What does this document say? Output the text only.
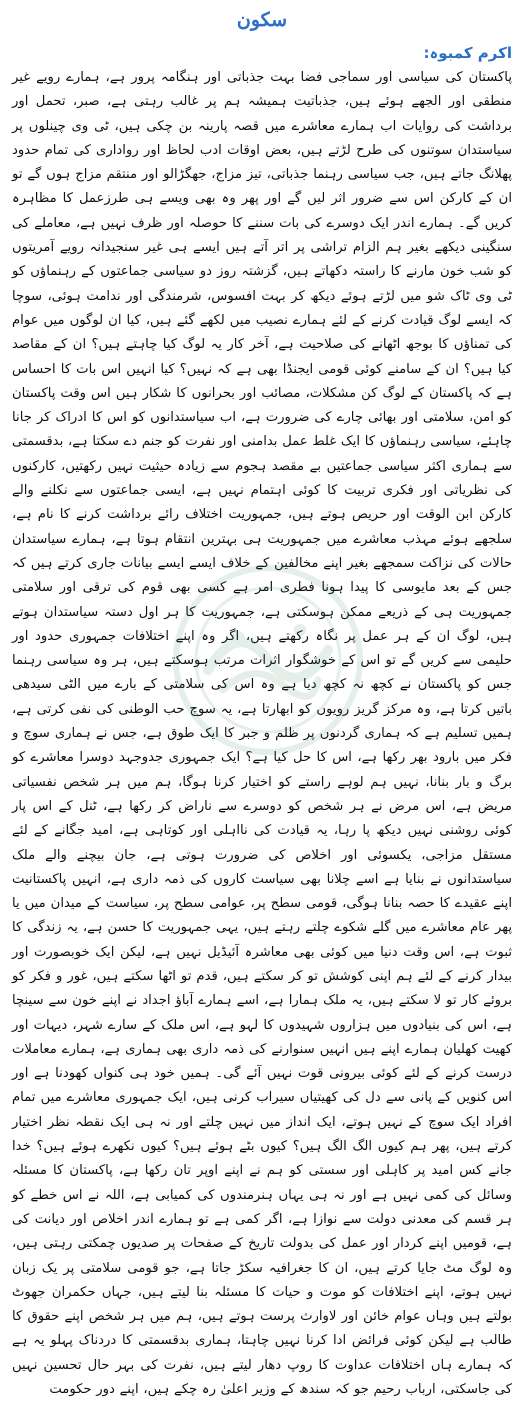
سکون
اکرم کمبوہ:

پاکستان کی سیاسی اور سماجی فضا بہت جذباتی اور ہنگامہ پرور ہے، ہمارے رویے غیر منطقی اور الجھے ہوئے ہیں، جذباتیت ہمیشہ ہم پر غالب رہتی ہے، صبر، تحمل اور برداشت کی روایات اب ہمارے معاشرے میں قصہ پارینہ بن چکی ہیں، ٹی وی چینلوں پر سیاستدان سوتنوں کی طرح لڑتے ہیں، بعض اوقات ادب لحاظ اور رواداری کی تمام حدود پھلانگ جاتے ہیں، جب سیاسی رہنما جذباتی، تیز مزاج، جھگڑالو اور منتقم مزاج ہوں گے تو ان کے کارکن اس سے ضرور اثر لیں گے اور پھر وہ بھی ویسے ہی طرزعمل کا مظاہرہ کریں گے۔ ہمارے اندر ایک دوسرے کی بات سننے کا حوصلہ اور ظرف نہیں ہے، معاملے کی سنگینی دیکھے بغیر ہم الزام تراشی پر اتر آتے ہیں ایسے ہی غیر سنجیدانہ رویے آمریتوں کو شب خون مارنے کا راستہ دکھاتے ہیں، گزشتہ روز دو سیاسی جماعتوں کے رہنماؤں کو ٹی وی ٹاک شو میں لڑتے ہوئے دیکھ کر بہت افسوس، شرمندگی اور ندامت ہوئی، سوچا کہ ایسے لوگ قیادت کرنے کے لئے ہمارے نصیب میں لکھے گئے ہیں، کیا ان لوگوں میں عوام کی تمناؤں کا بوجھ اٹھانے کی صلاحیت ہے، آخر کار یہ لوگ کیا چاہتے ہیں؟ ان کے مقاصد کیا ہیں؟ ان کے سامنے کوئی قومی ایجنڈا بھی ہے کہ نہیں؟ کیا انہیں اس بات کا احساس ہے کہ پاکستان کے لوگ کن مشکلات، مصائب اور بحرانوں کا شکار ہیں اس وقت پاکستان کو امن، سلامتی اور بھائی چارے کی ضرورت ہے، اب سیاستدانوں کو اس کا ادراک کر جانا چاہئے، سیاسی رہنماؤں کا ایک غلط عمل بدامنی اور نفرت کو جنم دے سکتا ہے، بدقسمتی سے ہماری اکثر سیاسی جماعتیں بے مقصد ہجوم سے زیادہ حیثیت نہیں رکھتیں، کارکنوں کی نظریاتی اور فکری تربیت کا کوئی اہتمام نہیں ہے، ایسی جماعتوں سے نکلنے والے کارکن ابن الوقت اور حریص ہوتے ہیں، جمہوریت اختلاف رائے برداشت کرنے کا نام ہے، سلجھے ہوئے مہذب معاشرے میں جمہوریت ہی بہترین انتقام ہوتا ہے، ہمارے سیاستدان حالات کی نزاکت سمجھے بغیر اپنے مخالفین کے خلاف ایسے ایسے بیانات جاری کرتے ہیں کہ جس کے بعد مایوسی کا پیدا ہونا فطری امر ہے کسی بھی قوم کی ترقی اور سلامتی جمہوریت ہی کے ذریعے ممکن ہوسکتی ہے، جمہوریت کا ہر اول دستہ سیاستدان ہوتے ہیں، لوگ ان کے ہر عمل پر نگاہ رکھتے ہیں، اگر وہ اپنے اختلافات جمہوری حدود اور حلیمی سے کریں گے تو اس کے خوشگوار اثرات مرتب ہوسکتے ہیں، ہر وہ سیاسی رہنما جس کو پاکستان نے کچھ نہ کچھ دیا ہے وہ اس کی سلامتی کے بارے میں الٹی سیدھی باتیں کرتا ہے، وہ مرکز گریز رویوں کو ابھارتا ہے، یہ سوچ حب الوطنی کی نفی کرتی ہے، ہمیں تسلیم ہے کہ ہماری گردنوں پر ظلم و جبر کا ایک طوق ہے، جس نے ہماری سوچ و فکر میں بارود بھر رکھا ہے، اس کا حل کیا ہے؟ ایک جمہوری جدوجہد دوسرا معاشرے کو برگ و بار بنانا، نہیں ہم لوہے راستے کو اختیار کرنا ہوگا، ہم میں ہر شخص نفسیاتی مریض ہے، اس مرض نے ہر شخص کو دوسرے سے ناراض کر رکھا ہے، ٹنل کے اس پار کوئی روشنی نہیں دیکھ پا رہا، یہ قیادت کی نااہلی اور کوتاہی ہے، امید جگانے کے لئے مستقل مزاجی، یکسوئی اور اخلاص کی ضرورت ہوتی ہے، جان بیچنے والے ملک سیاستدانوں نے بنایا ہے اسے چلانا بھی سیاست کاروں کی ذمہ داری ہے، انہیں پاکستانیت اپنے عقیدے کا حصہ بنانا ہوگی، قومی سطح پر، عوامی سطح پر، سیاست کے میدان میں یا پھر عام معاشرے میں گلے شکوے چلتے رہتے ہیں، یہی جمہوریت کا حسن ہے، یہ زندگی کا ثبوت ہے، اس وقت دنیا میں کوئی بھی معاشرہ آئیڈیل نہیں ہے، لیکن ایک خوبصورت اور بیدار کرنے کے لئے ہم اپنی کوشش تو کر سکتے ہیں، قدم تو اٹھا سکتے ہیں، غور و فکر کو بروئے کار تو لا سکتے ہیں، یہ ملک ہمارا ہے، اسے ہمارے آباؤ اجداد نے اپنے خون سے سینچا ہے، اس کی بنیادوں میں ہزاروں شہیدوں کا لہو ہے، اس ملک کے سارے شہر، دیہات اور کھیت کھلیان ہمارے اپنے ہیں انہیں سنوارنے کی ذمہ داری بھی ہماری ہے، ہمارے معاملات درست کرنے کے لئے کوئی بیرونی قوت نہیں آئے گی۔ ہمیں خود ہی کنواں کھودنا ہے اور اس کنویں کے پانی سے دل کی کھیتیاں سیراب کرنی ہیں، ایک جمہوری معاشرے میں تمام افراد ایک سوچ کے نہیں ہوتے، ایک انداز میں نہیں چلتے اور نہ ہی ایک نقطہ نظر اختیار کرتے ہیں، پھر ہم کیوں الگ الگ ہیں؟ کیوں بٹے ہوئے ہیں؟ کیوں نکھرے ہوئے ہیں؟ خدا جانے کس امید پر کاہلی اور سستی کو ہم نے اپنے اوپر تان رکھا ہے، پاکستان کا مسئلہ وسائل کی کمی نہیں ہے اور نہ ہی یہاں ہنرمندوں کی کمیابی ہے، اللہ نے اس خطے کو ہر قسم کی معدنی دولت سے نوازا ہے، اگر کمی ہے تو ہمارے اندر اخلاص اور دیانت کی ہے، قومیں اپنے کردار اور عمل کی بدولت تاریخ کے صفحات پر صدیوں چمکتی رہتی ہیں، وہ لوگ مٹ جایا کرتے ہیں، ان کا جغرافیہ سکڑ جاتا ہے، جو قومی سلامتی پر یک زبان نہیں ہوتے، اپنے اختلافات کو موت و حیات کا مسئلہ بنا لیتے ہیں، جہاں حکمران جھوٹ بولتے ہیں وہاں عوام خائن اور لاوارث پرست ہوتے ہیں، ہم میں ہر شخص اپنے حقوق کا طالب ہے لیکن کوئی فرائض ادا کرنا نہیں چاہتا، ہماری بدقسمتی کا دردناک پہلو یہ ہے کہ ہمارے ہاں اختلافات عداوت کا روپ دھار لیتے ہیں، نفرت کی بہر حال تحسین نہیں کی جاسکتی، ارباب رحیم جو کہ سندھ کے وزیر اعلیٰ رہ چکے ہیں، اپنے دور حکومت
